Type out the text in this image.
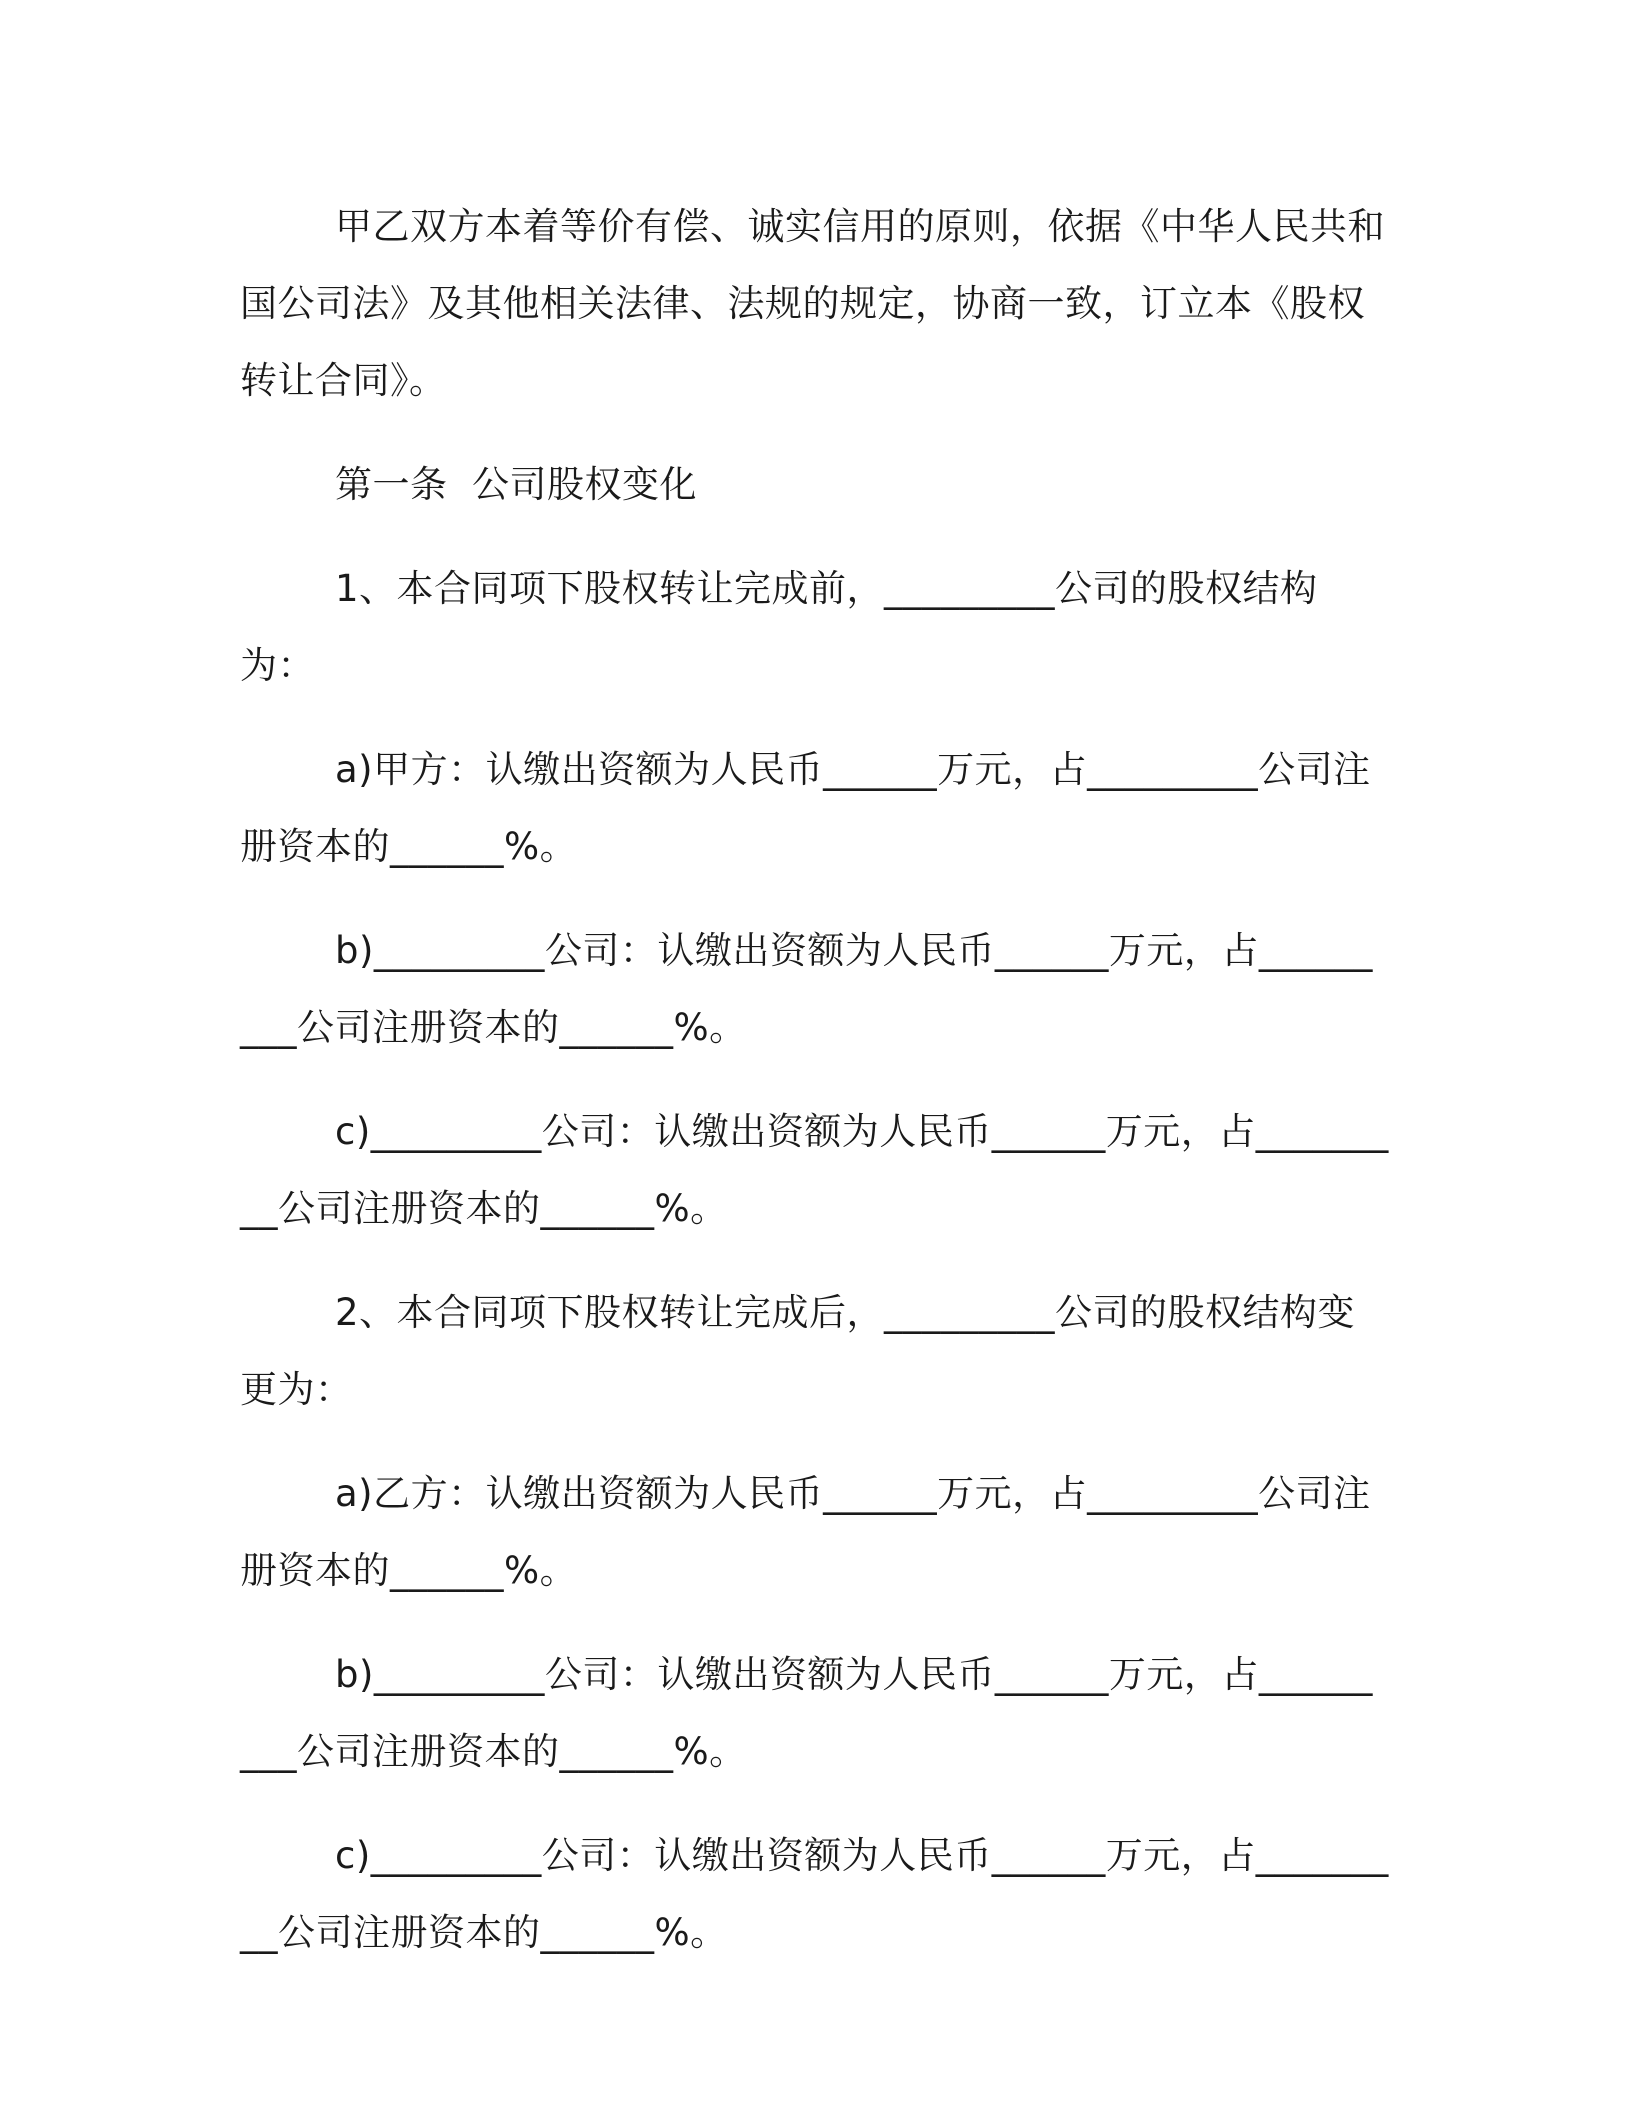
甲乙双方本着等价有偿、诚实信用的原则，依据《中华人民共和国公司法》及其他相关法律、法规的规定，协商一致，订立本《股权转让合同》。

第一条  公司股权变化

1、本合同项下股权转让完成前，_________公司的股权结构为：

a)甲方：认缴出资额为人民币______万元，占_________公司注册资本的______%。

b)_________公司：认缴出资额为人民币______万元，占_________公司注册资本的______%。

c)_________公司：认缴出资额为人民币______万元，占_________公司注册资本的______%。

2、本合同项下股权转让完成后，_________公司的股权结构变更为：

a)乙方：认缴出资额为人民币______万元，占_________公司注册资本的______%。

b)_________公司：认缴出资额为人民币______万元，占_________公司注册资本的______%。

c)_________公司：认缴出资额为人民币______万元，占_________公司注册资本的______%。
